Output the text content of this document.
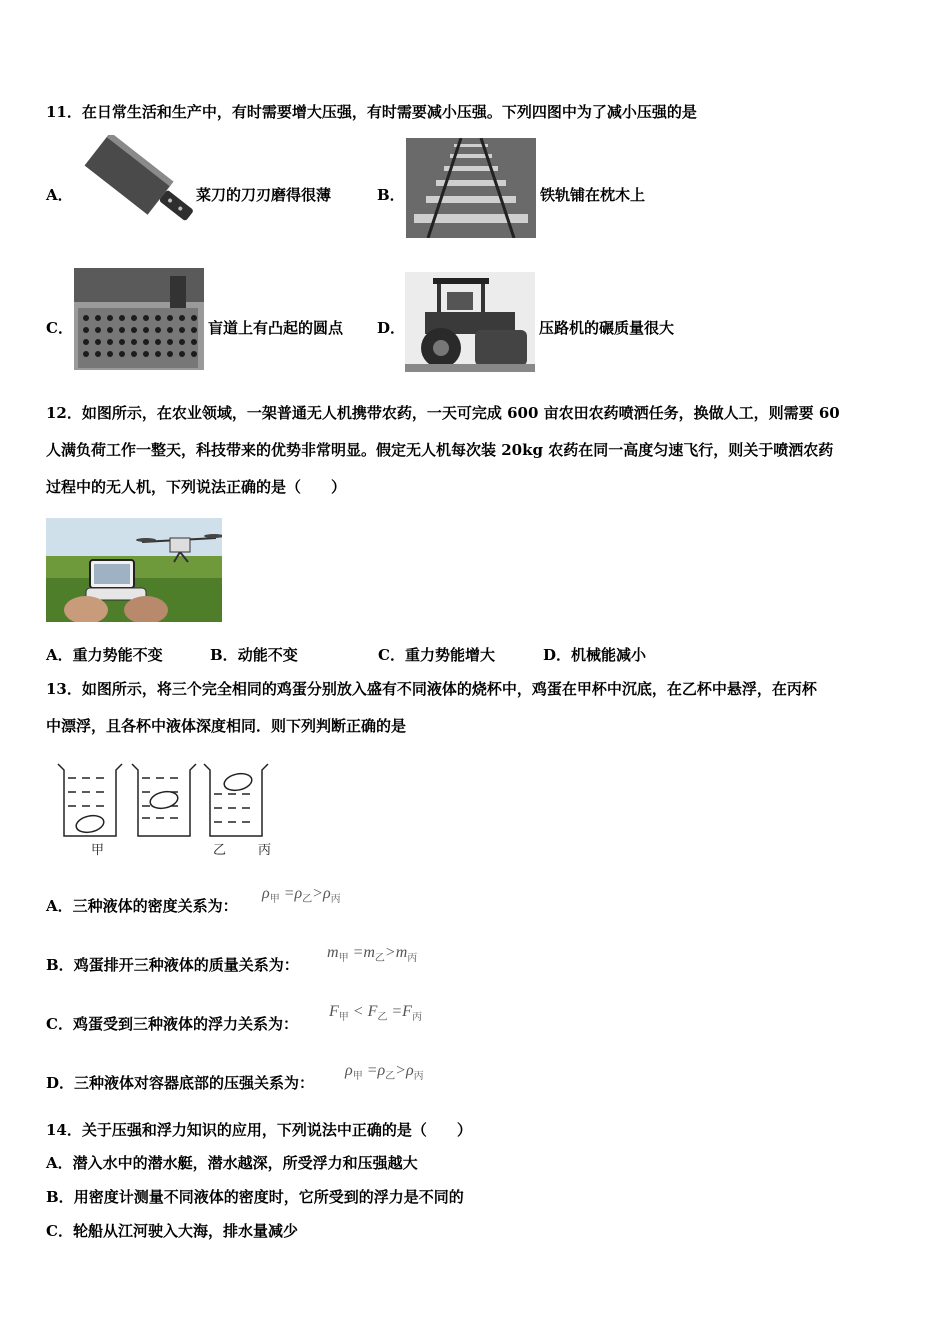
11．在日常生活和生产中，有时需要增大压强，有时需要减小压强。下列四图中为了减小压强的是
A．	菜刀的刀刃磨得很薄	B．	铁轨铺在枕木上
C．	盲道上有凸起的圆点 D．	压路机的碾质量很大
12．如图所示，在农业领域，一架普通无人机携带农药，一天可完成 600 亩农田农药喷洒任务，换做人工，则需要 60
人满负荷工作一整天，科技带来的优势非常明显。假定无人机每次装 20kg 农药在同一高度匀速飞行，则关于喷洒农药
过程中的无人机，下列说法正确的是（　　）
A．重力势能不变	B．动能不变	C．重力势能增大	D．机械能减小
13．如图所示，将三个完全相同的鸡蛋分别放入盛有不同液体的烧杯中，鸡蛋在甲杯中沉底，在乙杯中悬浮，在丙杯
中漂浮，且各杯中液体深度相同．则下列判断正确的是
甲	乙 丙
A．三种液体的密度关系为：
$\rho_甲 =\rho_乙>\rho_丙$
B．鸡蛋排开三种液体的质量关系为：
$m_甲 =m_乙>m_丙$
C．鸡蛋受到三种液体的浮力关系为：
$F_甲 < F_乙 =F_丙$
D．三种液体对容器底部的压强关系为：
$\rho_甲 =\rho_乙>\rho_丙$
14．关于压强和浮力知识的应用，下列说法中正确的是（　　）
A．潜入水中的潜水艇，潜水越深，所受浮力和压强越大
B．用密度计测量不同液体的密度时，它所受到的浮力是不同的
C．轮船从江河驶入大海，排水量减少
